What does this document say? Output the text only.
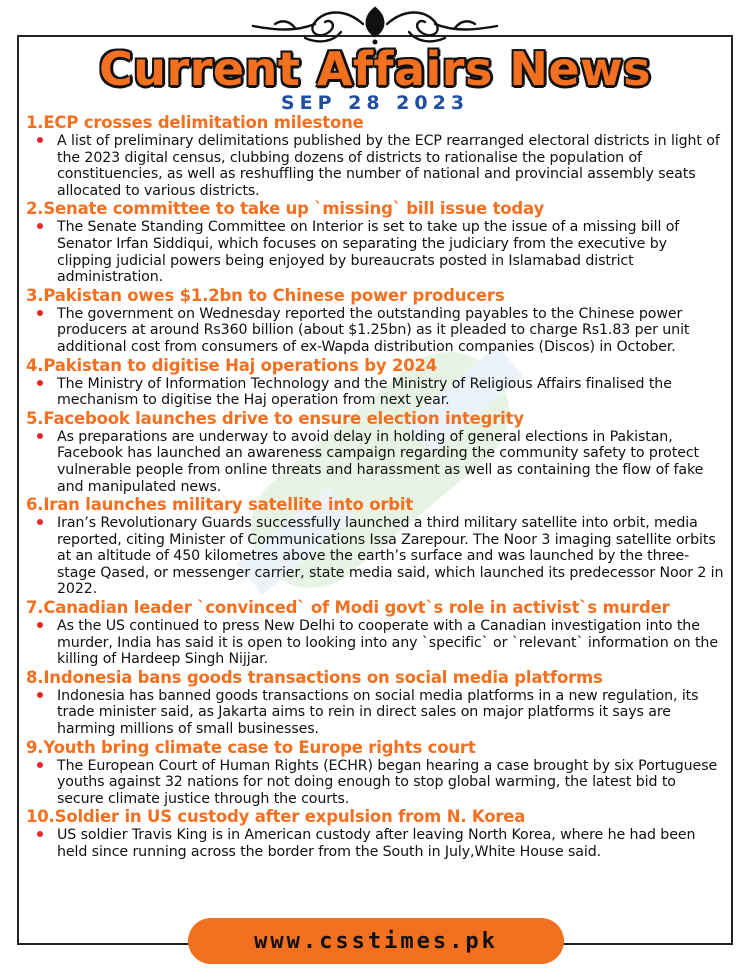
Current Affairs News
SEP 28 2023
1.ECP crosses delimitation milestone
A list of preliminary delimitations published by the ECP rearranged electoral districts in light of the 2023 digital census, clubbing dozens of districts to rationalise the population of constituencies, as well as reshuffling the number of national and provincial assembly seats allocated to various districts.
2.Senate committee to take up `missing` bill issue today
The Senate Standing Committee on Interior is set to take up the issue of a missing bill of Senator Irfan Siddiqui, which focuses on separating the judiciary from the executive by clipping judicial powers being enjoyed by bureaucrats posted in Islamabad district administration.
3.Pakistan owes $1.2bn to Chinese power producers
The government on Wednesday reported the outstanding payables to the Chinese power producers at around Rs360 billion (about $1.25bn) as it pleaded to charge Rs1.83 per unit additional cost from consumers of ex-Wapda distribution companies (Discos) in October.
4.Pakistan to digitise Haj operations by 2024
The Ministry of Information Technology and the Ministry of Religious Affairs finalised the mechanism to digitise the Haj operation from next year.
5.Facebook launches drive to ensure election integrity
As preparations are underway to avoid delay in holding of general elections in Pakistan, Facebook has launched an awareness campaign regarding the community safety to protect vulnerable people from online threats and harassment as well as containing the flow of fake and manipulated news.
6.Iran launches military satellite into orbit
Iran’s Revolutionary Guards successfully launched a third military satellite into orbit, media reported, citing Minister of Communications Issa Zarepour. The Noor 3 imaging satellite orbits at an altitude of 450 kilometres above the earth’s surface and was launched by the three-stage Qased, or messenger carrier, state media said, which launched its predecessor Noor 2 in 2022.
7.Canadian leader `convinced` of Modi govt`s role in activist`s murder
As the US continued to press New Delhi to cooperate with a Canadian investigation into the murder, India has said it is open to looking into any `specific` or `relevant` information on the killing of Hardeep Singh Nijjar.
8.Indonesia bans goods transactions on social media platforms
Indonesia has banned goods transactions on social media platforms in a new regulation, its trade minister said, as Jakarta aims to rein in direct sales on major platforms it says are harming millions of small businesses.
9.Youth bring climate case to Europe rights court
The European Court of Human Rights (ECHR) began hearing a case brought by six Portuguese youths against 32 nations for not doing enough to stop global warming, the latest bid to secure climate justice through the courts.
10.Soldier in US custody after expulsion from N. Korea
US soldier Travis King is in American custody after leaving North Korea, where he had been held since running across the border from the South in July,White House said.
www.csstimes.pk
